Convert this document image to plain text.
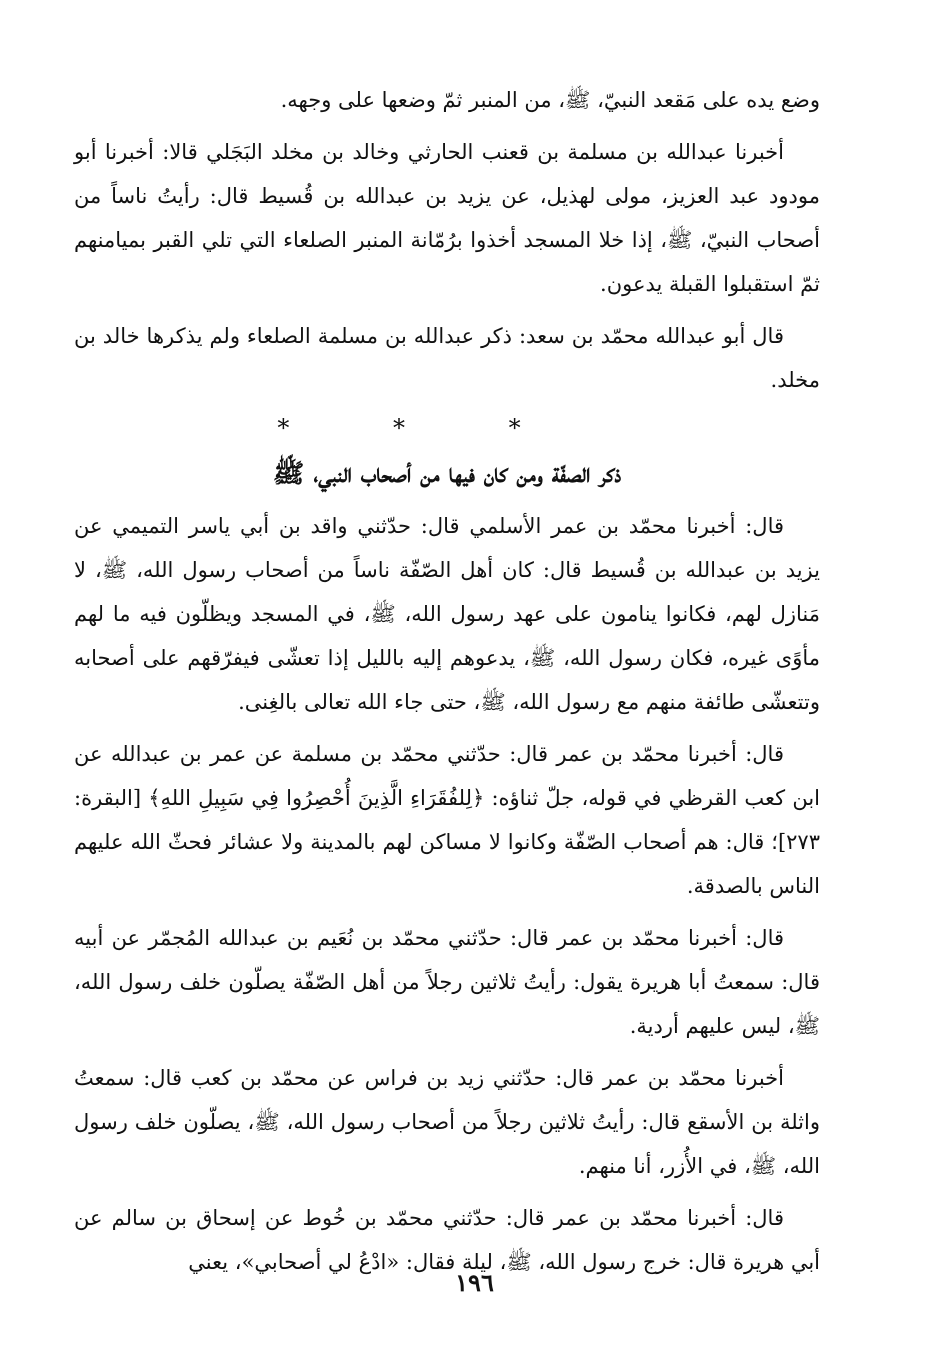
وضع يده على مَقعد النبيّ، ﷺ، من المنبر ثمّ وضعها على وجهه.

أخبرنا عبدالله بن مسلمة بن قعنب الحارثي وخالد بن مخلد البَجَلي قالا: أخبرنا أبو مودود عبد العزيز، مولى لهذيل، عن يزيد بن عبدالله بن قُسيط قال: رأيتُ ناساً من أصحاب النبيّ، ﷺ، إذا خلا المسجد أخذوا برُمّانة المنبر الصلعاء التي تلي القبر بميامنهم ثمّ استقبلوا القبلة يدعون.

قال أبو عبدالله محمّد بن سعد: ذكر عبدالله بن مسلمة الصلعاء ولم يذكرها خالد بن مخلد.

* * *
ذكر الصفّة ومن كان فيها من أصحاب النبي، ﷺ

قال: أخبرنا محمّد بن عمر الأسلمي قال: حدّثني واقد بن أبي ياسر التميمي عن يزيد بن عبدالله بن قُسيط قال: كان أهل الصّفّة ناساً من أصحاب رسول الله، ﷺ، لا مَنازل لهم، فكانوا ينامون على عهد رسول الله، ﷺ، في المسجد ويظلّون فيه ما لهم مأوًى غيره، فكان رسول الله، ﷺ، يدعوهم إليه بالليل إذا تعشّى فيفرّقهم على أصحابه وتتعشّى طائفة منهم مع رسول الله، ﷺ، حتى جاء الله تعالى بالغِنى.

قال: أخبرنا محمّد بن عمر قال: حدّثني محمّد بن مسلمة عن عمر بن عبدالله عن ابن كعب القرظي في قوله، جلّ ثناؤه: ﴿لِلفُقَرَاءِ الَّذِينَ أُحْصِرُوا فِي سَبِيلِ اللهِ﴾ [البقرة: ٢٧٣]؛ قال: هم أصحاب الصّفّة وكانوا لا مساكن لهم بالمدينة ولا عشائر فحثّ الله عليهم الناس بالصدقة.

قال: أخبرنا محمّد بن عمر قال: حدّثني محمّد بن نُعَيم بن عبدالله المُجمّر عن أبيه قال: سمعتُ أبا هريرة يقول: رأيتُ ثلاثين رجلاً من أهل الصّفّة يصلّون خلف رسول الله، ﷺ، ليس عليهم أردية.

أخبرنا محمّد بن عمر قال: حدّثني زيد بن فراس عن محمّد بن كعب قال: سمعتُ واثلة بن الأسقع قال: رأيتُ ثلاثين رجلاً من أصحاب رسول الله، ﷺ، يصلّون خلف رسول الله، ﷺ، في الأُزر، أنا منهم.

قال: أخبرنا محمّد بن عمر قال: حدّثني محمّد بن خُوط عن إسحاق بن سالم عن أبي هريرة قال: خرج رسول الله، ﷺ، ليلة فقال: «ادْعُ لي أصحابي»، يعني

١٩٦
